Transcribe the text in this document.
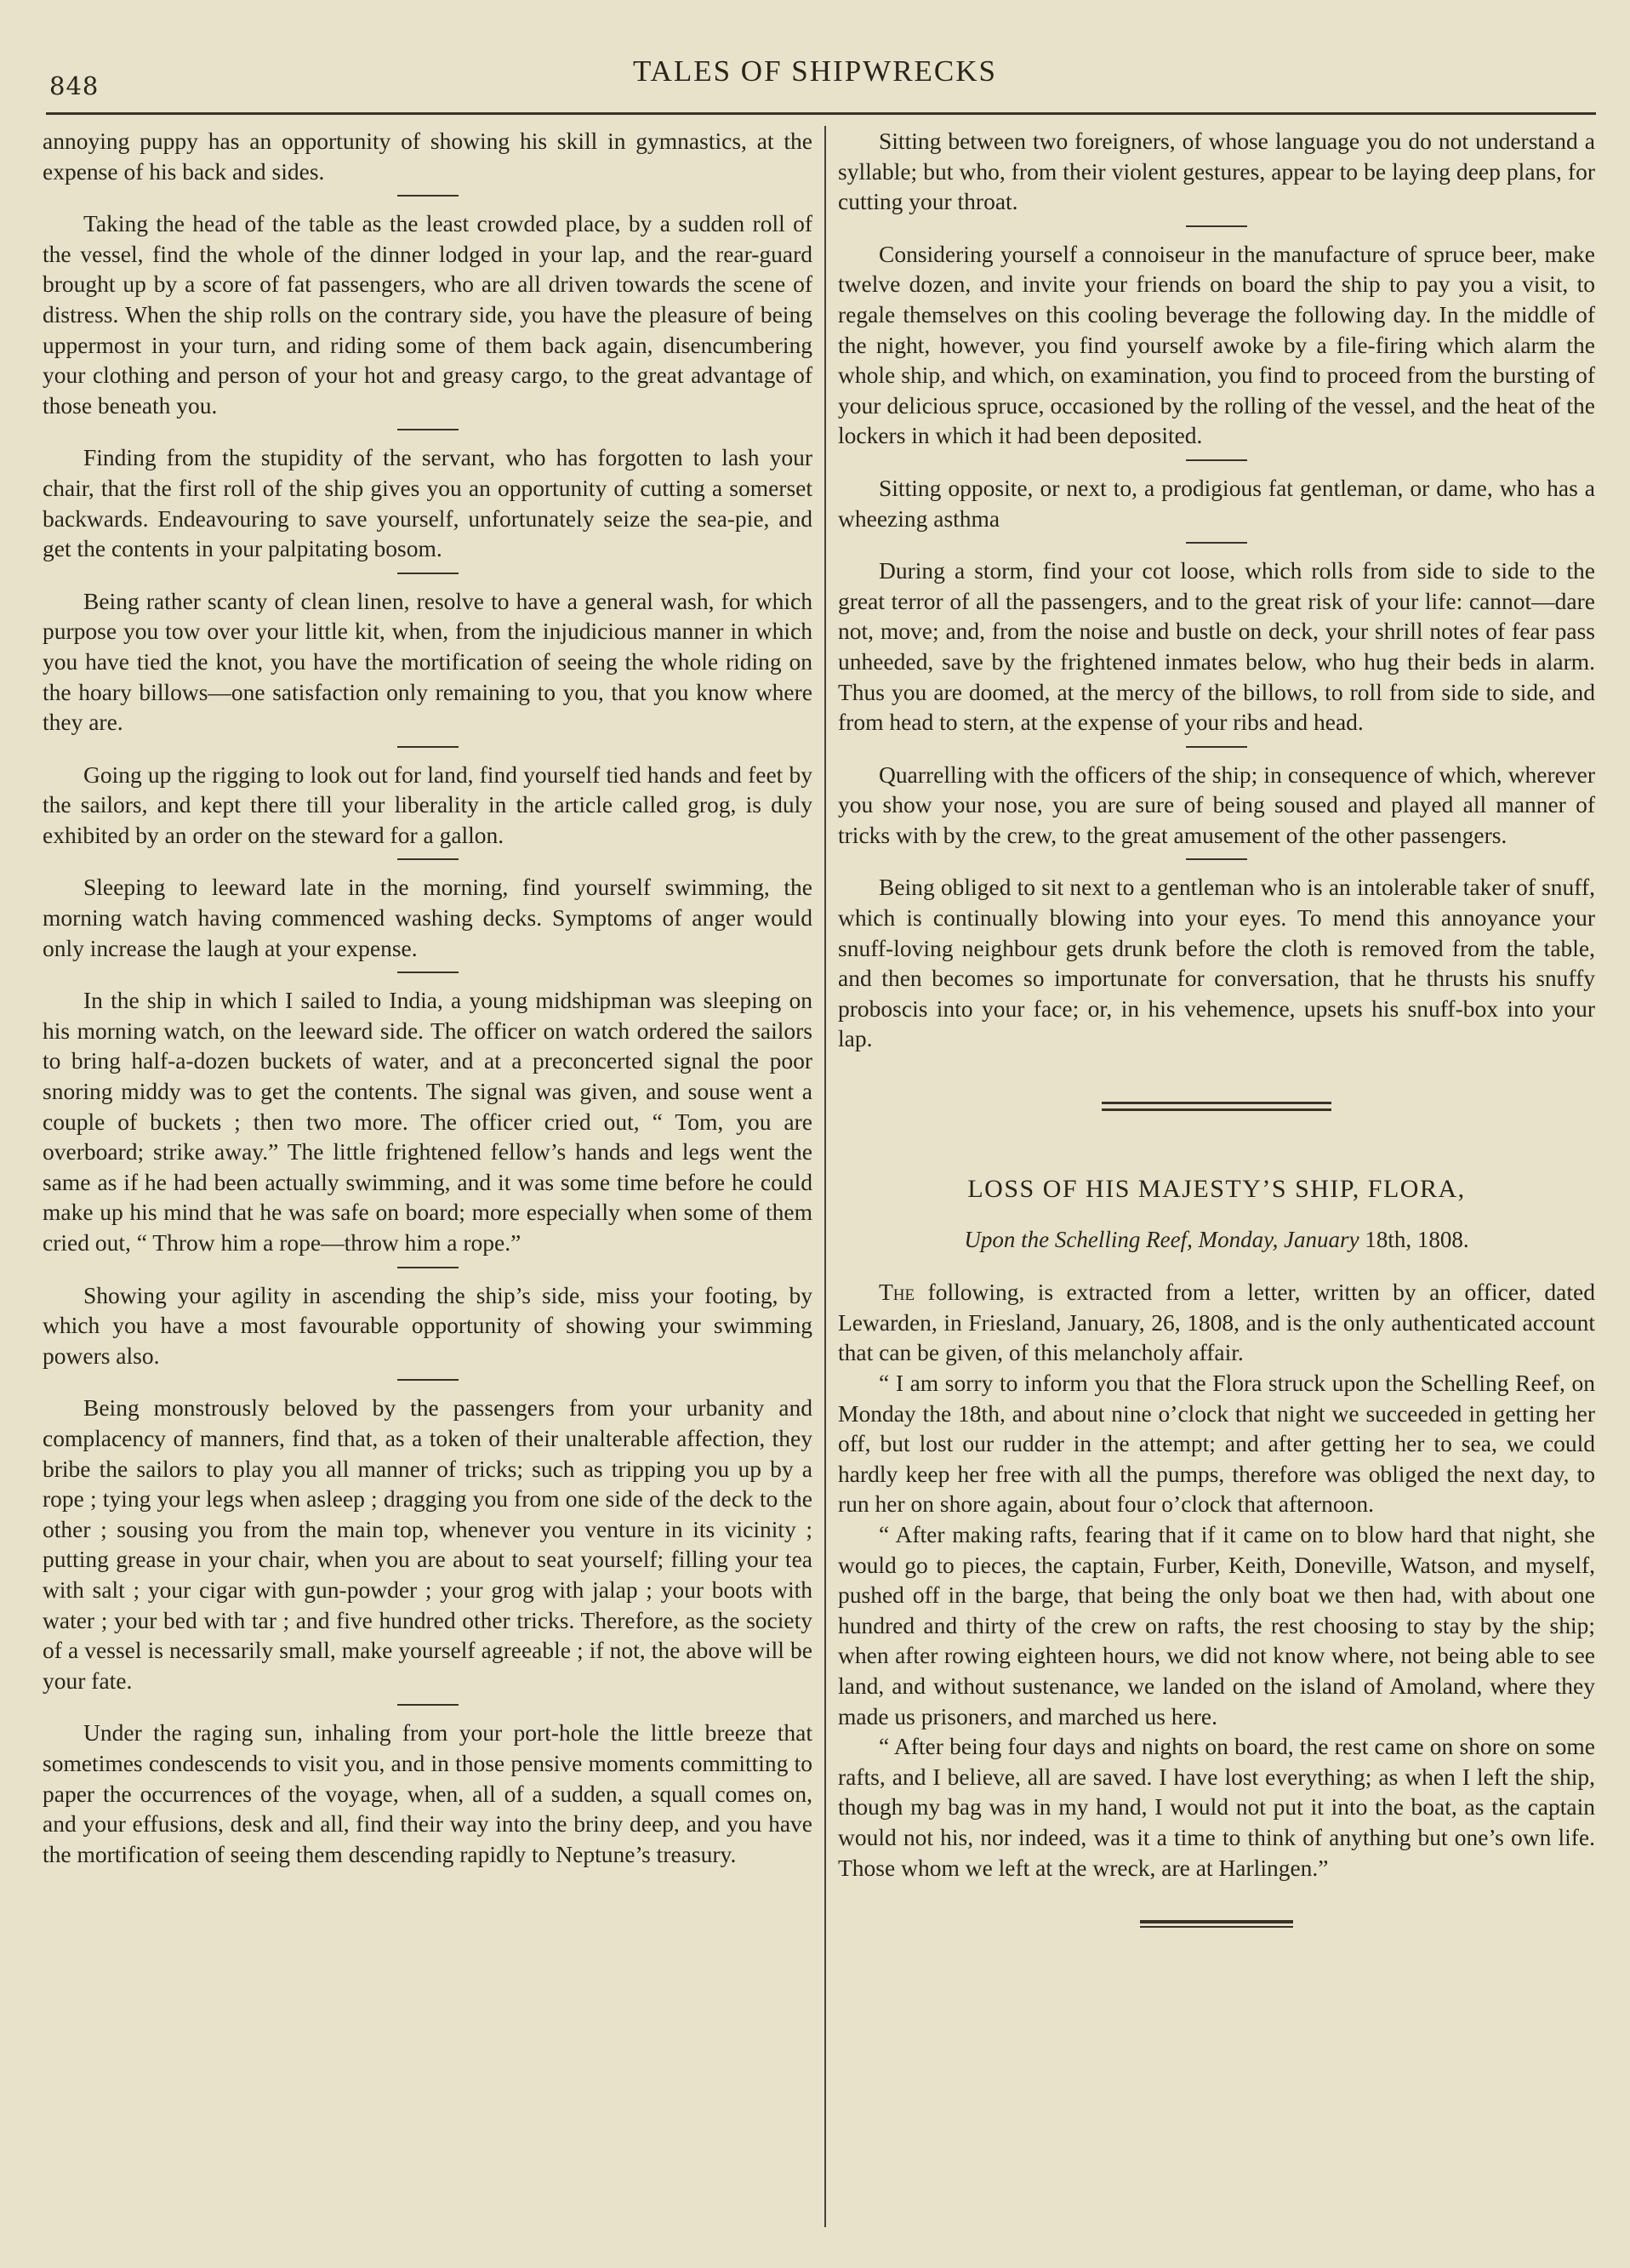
848	TALES OF SHIPWRECKS

annoying puppy has an opportunity of showing his skill in gymnastics, at the expense of his back and sides.

Taking the head of the table as the least crowded place, by a sudden roll of the vessel, find the whole of the dinner lodged in your lap, and the rear-guard brought up by a score of fat passengers, who are all driven towards the scene of distress. When the ship rolls on the contrary side, you have the pleasure of being uppermost in your turn, and riding some of them back again, disencumbering your clothing and person of your hot and greasy cargo, to the great advantage of those beneath you.

Finding from the stupidity of the servant, who has forgotten to lash your chair, that the first roll of the ship gives you an opportunity of cutting a somerset backwards. Endeavouring to save yourself, unfortunately seize the sea-pie, and get the contents in your palpitating bosom.

Being rather scanty of clean linen, resolve to have a general wash, for which purpose you tow over your little kit, when, from the injudicious manner in which you have tied the knot, you have the mortification of seeing the whole riding on the hoary billows—one satisfaction only remaining to you, that you know where they are.

Going up the rigging to look out for land, find yourself tied hands and feet by the sailors, and kept there till your liberality in the article called grog, is duly exhibited by an order on the steward for a gallon.

Sleeping to leeward late in the morning, find yourself swimming, the morning watch having commenced washing decks. Symptoms of anger would only increase the laugh at your expense.

In the ship in which I sailed to India, a young midshipman was sleeping on his morning watch, on the leeward side. The officer on watch ordered the sailors to bring half-a-dozen buckets of water, and at a preconcerted signal the poor snoring middy was to get the contents. The signal was given, and souse went a couple of buckets ; then two more. The officer cried out, “ Tom, you are overboard; strike away.” The little frightened fellow’s hands and legs went the same as if he had been actually swimming, and it was some time before he could make up his mind that he was safe on board; more especially when some of them cried out, “ Throw him a rope—throw him a rope.”

Showing your agility in ascending the ship’s side, miss your footing, by which you have a most favourable opportunity of showing your swimming powers also.

Being monstrously beloved by the passengers from your urbanity and complacency of manners, find that, as a token of their unalterable affection, they bribe the sailors to play you all manner of tricks; such as tripping you up by a rope ; tying your legs when asleep ; dragging you from one side of the deck to the other ; sousing you from the main top, whenever you venture in its vicinity ; putting grease in your chair, when you are about to seat yourself; filling your tea with salt ; your cigar with gun-powder ; your grog with jalap ; your boots with water ; your bed with tar ; and five hundred other tricks. Therefore, as the society of a vessel is necessarily small, make yourself agreeable ; if not, the above will be your fate.

Under the raging sun, inhaling from your port-hole the little breeze that sometimes condescends to visit you, and in those pensive moments committing to paper the occurrences of the voyage, when, all of a sudden, a squall comes on, and your effusions, desk and all, find their way into the briny deep, and you have the mortification of seeing them descending rapidly to Neptune’s treasury.

Sitting between two foreigners, of whose language you do not understand a syllable; but who, from their violent gestures, appear to be laying deep plans, for cutting your throat.

Considering yourself a connoiseur in the manufacture of spruce beer, make twelve dozen, and invite your friends on board the ship to pay you a visit, to regale themselves on this cooling beverage the following day. In the middle of the night, however, you find yourself awoke by a file-firing which alarm the whole ship, and which, on examination, you find to proceed from the bursting of your delicious spruce, occasioned by the rolling of the vessel, and the heat of the lockers in which it had been deposited.

Sitting opposite, or next to, a prodigious fat gentleman, or dame, who has a wheezing asthma

During a storm, find your cot loose, which rolls from side to side to the great terror of all the passengers, and to the great risk of your life: cannot—dare not, move; and, from the noise and bustle on deck, your shrill notes of fear pass unheeded, save by the frightened inmates below, who hug their beds in alarm. Thus you are doomed, at the mercy of the billows, to roll from side to side, and from head to stern, at the expense of your ribs and head.

Quarrelling with the officers of the ship; in consequence of which, wherever you show your nose, you are sure of being soused and played all manner of tricks with by the crew, to the great amusement of the other passengers.

Being obliged to sit next to a gentleman who is an intolerable taker of snuff, which is continually blowing into your eyes. To mend this annoyance your snuff-loving neighbour gets drunk before the cloth is removed from the table, and then becomes so importunate for conversation, that he thrusts his snuffy proboscis into your face; or, in his vehemence, upsets his snuff-box into your lap.

LOSS OF HIS MAJESTY’S SHIP, FLORA,
Upon the Schelling Reef, Monday, January 18th, 1808.

The following, is extracted from a letter, written by an officer, dated Lewarden, in Friesland, January, 26, 1808, and is the only authenticated account that can be given, of this melancholy affair.

“ I am sorry to inform you that the Flora struck upon the Schelling Reef, on Monday the 18th, and about nine o’clock that night we succeeded in getting her off, but lost our rudder in the attempt; and after getting her to sea, we could hardly keep her free with all the pumps, therefore was obliged the next day, to run her on shore again, about four o’clock that afternoon.

“ After making rafts, fearing that if it came on to blow hard that night, she would go to pieces, the captain, Furber, Keith, Doneville, Watson, and myself, pushed off in the barge, that being the only boat we then had, with about one hundred and thirty of the crew on rafts, the rest choosing to stay by the ship; when after rowing eighteen hours, we did not know where, not being able to see land, and without sustenance, we landed on the island of Amoland, where they made us prisoners, and marched us here.

“ After being four days and nights on board, the rest came on shore on some rafts, and I believe, all are saved. I have lost everything; as when I left the ship, though my bag was in my hand, I would not put it into the boat, as the captain would not his, nor indeed, was it a time to think of anything but one’s own life. Those whom we left at the wreck, are at Harlingen.”
